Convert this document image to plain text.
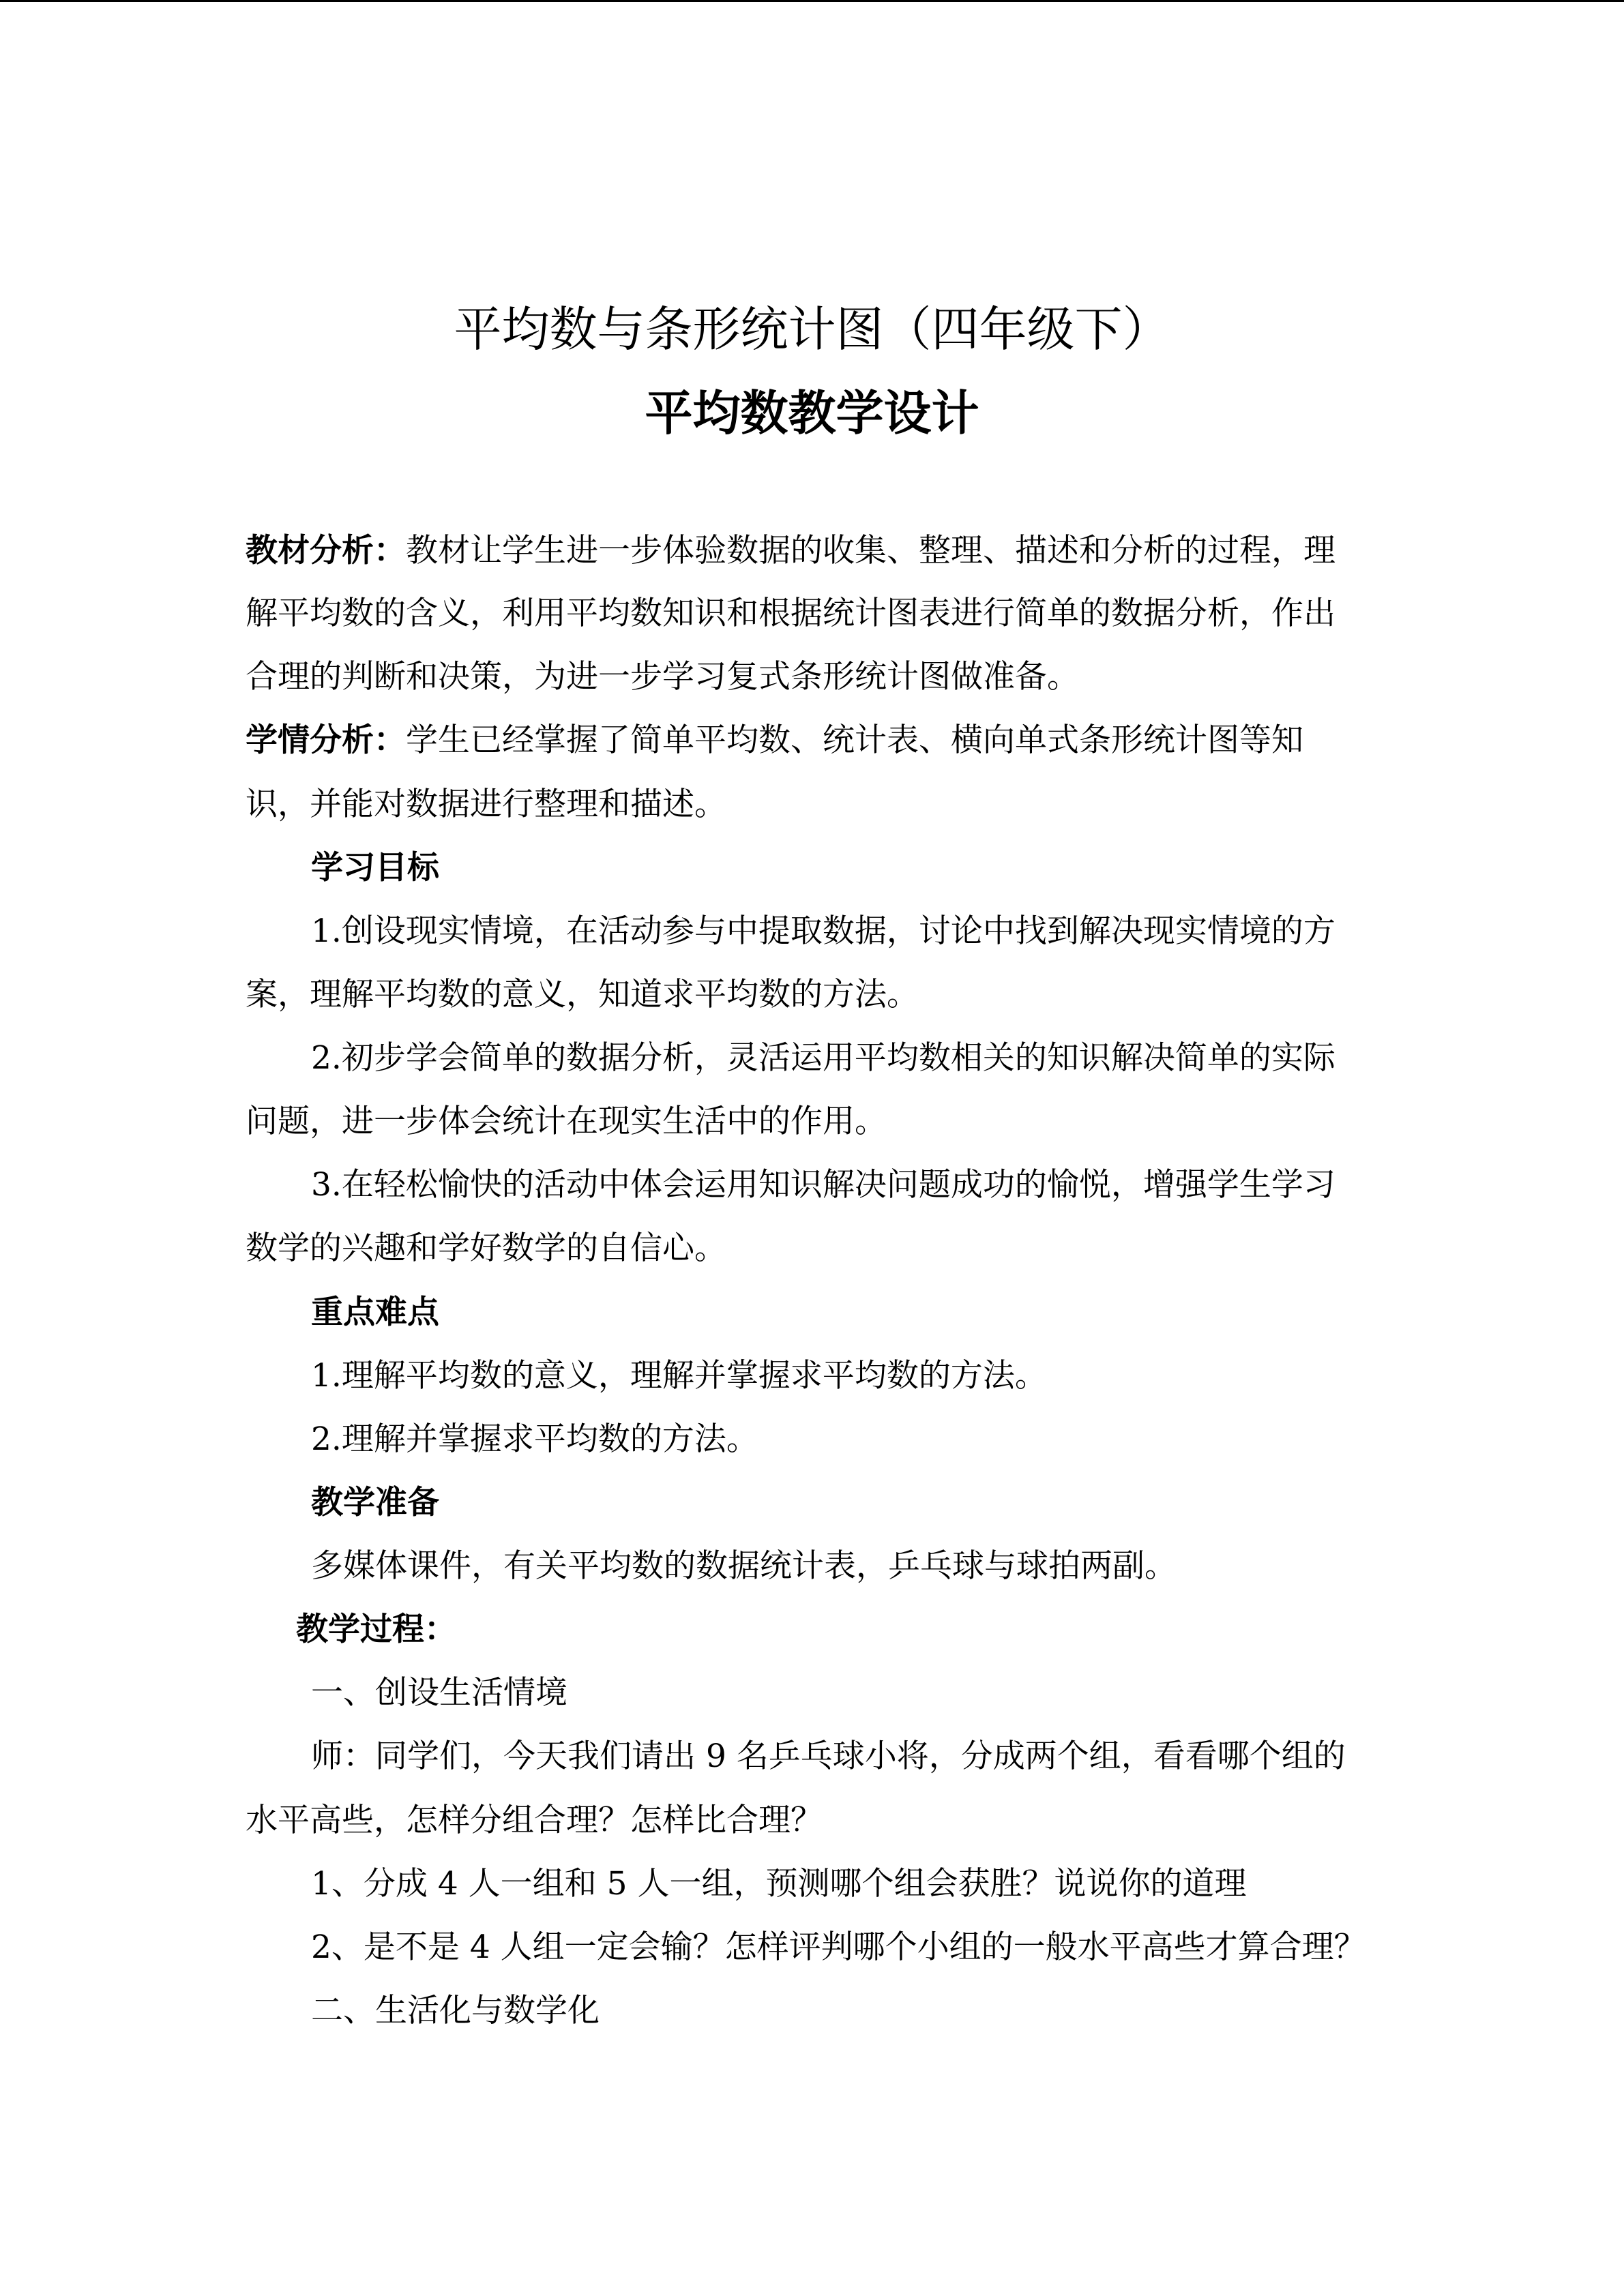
平均数与条形统计图（四年级下）
平均数教学设计
教材分析：教材让学生进一步体验数据的收集、整理、描述和分析的过程，理
解平均数的含义，利用平均数知识和根据统计图表进行简单的数据分析，作出
合理的判断和决策，为进一步学习复式条形统计图做准备。
学情分析：学生已经掌握了简单平均数、统计表、横向单式条形统计图等知
识，并能对数据进行整理和描述。
学习目标
1.创设现实情境，在活动参与中提取数据，讨论中找到解决现实情境的方
案，理解平均数的意义，知道求平均数的方法。
2.初步学会简单的数据分析，灵活运用平均数相关的知识解决简单的实际
问题，进一步体会统计在现实生活中的作用。
3.在轻松愉快的活动中体会运用知识解决问题成功的愉悦，增强学生学习
数学的兴趣和学好数学的自信心。
重点难点
1.理解平均数的意义，理解并掌握求平均数的方法。
2.理解并掌握求平均数的方法。
教学准备
多媒体课件，有关平均数的数据统计表，乒乓球与球拍两副。
教学过程：
一、创设生活情境
师：同学们，今天我们请出 9 名乒乓球小将，分成两个组，看看哪个组的
水平高些，怎样分组合理？怎样比合理？
1、分成 4 人一组和 5 人一组，预测哪个组会获胜？说说你的道理
2、是不是 4 人组一定会输？怎样评判哪个小组的一般水平高些才算合理？
二、生活化与数学化
